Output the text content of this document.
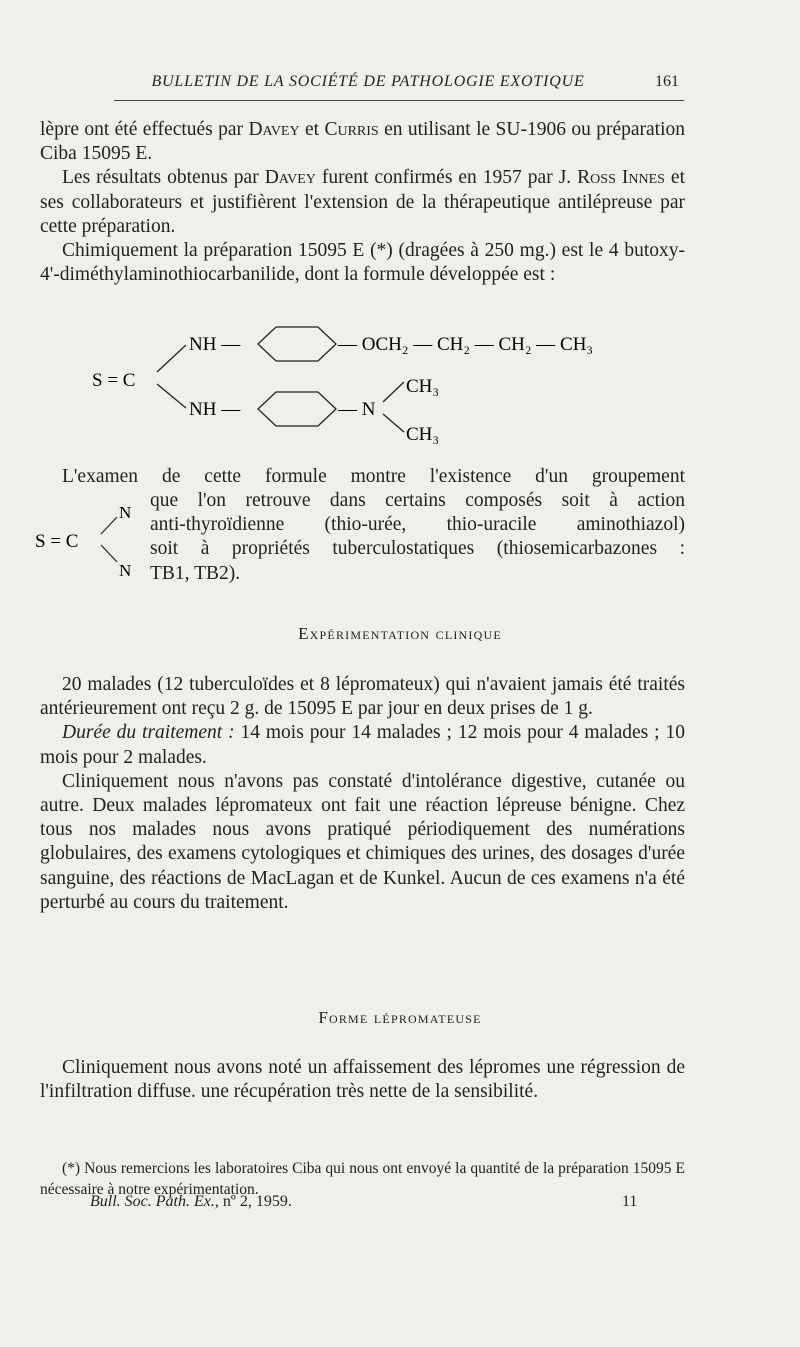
BULLETIN DE LA SOCIÉTÉ DE PATHOLOGIE EXOTIQUE	161

lèpre ont été effectués par Davey et Curris en utilisant le SU-1906 ou préparation Ciba 15095 E.

Les résultats obtenus par Davey furent confirmés en 1957 par J. Ross Innes et ses collaborateurs et justifièrent l'extension de la thérapeutique antilépreuse par cette préparation.

Chimiquement la préparation 15095 E (*) (dragées à 250 mg.) est le 4 butoxy-4'-diméthylaminothiocarbanilide, dont la formule développée est :

S = C
NH —
NH —
— OCH₂ — CH₂ — CH₂ — CH₃
— N
CH₃
CH₃

L'examen de cette formule montre l'existence d'un groupement

S = C
N
N
que l'on retrouve dans certains composés soit à action
anti-thyroïdienne (thio-urée, thio-uracile aminothiazol)
soit à propriétés tuberculostatiques (thiosemicarbazones :
TB1, TB2).
Expérimentation clinique

20 malades (12 tuberculoïdes et 8 lépromateux) qui n'avaient jamais été traités antérieurement ont reçu 2 g. de 15095 E par jour en deux prises de 1 g.

Durée du traitement : 14 mois pour 14 malades ; 12 mois pour 4 malades ; 10 mois pour 2 malades.

Cliniquement nous n'avons pas constaté d'intolérance digestive, cutanée ou autre. Deux malades lépromateux ont fait une réaction lépreuse bénigne. Chez tous nos malades nous avons pratiqué périodiquement des numérations globulaires, des examens cytologiques et chimiques des urines, des dosages d'urée sanguine, des réactions de MacLagan et de Kunkel. Aucun de ces examens n'a été perturbé au cours du traitement.

Forme lépromateuse

Cliniquement nous avons noté un affaissement des lépromes une régression de l'infiltration diffuse. une récupération très nette de la sensibilité.

(*) Nous remercions les laboratoires Ciba qui nous ont envoyé la quantité de la préparation 15095 E nécessaire à notre expérimentation.

Bull. Soc. Path. Ex., nº 2, 1959.	11
